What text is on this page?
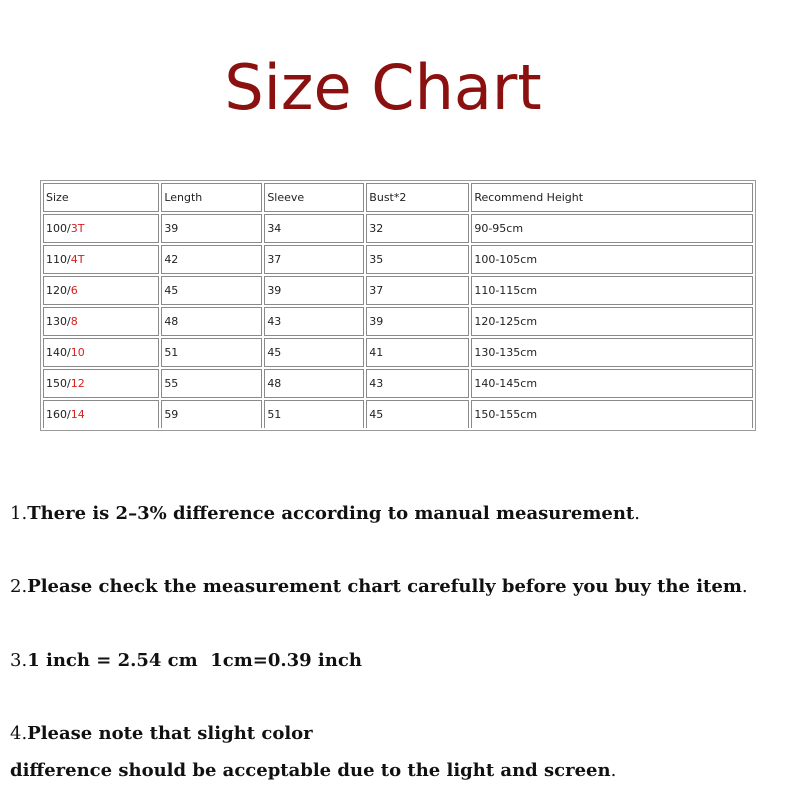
Size Chart
Size	Length	Sleeve	Bust*2	Recommend Height
100/3T	39	34	32	90-95cm
110/4T	42	37	35	100-105cm
120/6	45	39	37	110-115cm
130/8	48	43	39	120-125cm
140/10	51	45	41	130-135cm
150/12	55	48	43	140-145cm
160/14	59	51	45	150-155cm
1.There is 2–3% difference according to manual measurement.
2.Please check the measurement chart carefully before you buy the item.
3.1 inch = 2.54 cm  1cm=0.39 inch
4.Please note that slight color
difference should be acceptable due to the light and screen.
